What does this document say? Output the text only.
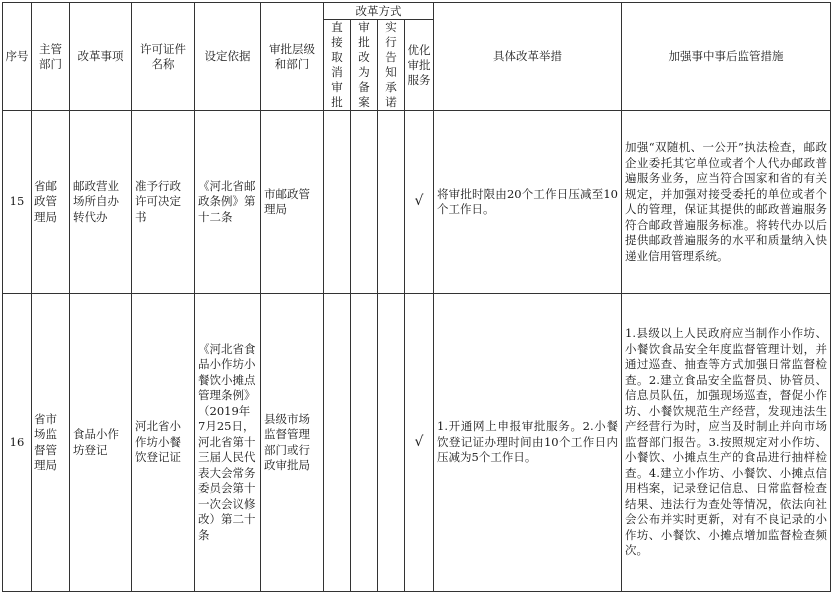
序号	主管部门	改革事项	许可证件名称	设定依据	审批层级和部门	改革方式				具体改革举措	加强事中事后监管措施
						直接取消审批	审批改为备案	实行告知承诺	优化审批服务		
15	省邮政管理局	邮政营业场所自办转代办	准予行政许可决定书	《河北省邮政条例》第十二条	市邮政管理局				√	将审批时限由20个工作日压减至10个工作日。	加强“双随机、一公开”执法检查，邮政企业委托其它单位或者个人代办邮政普遍服务业务，应当符合国家和省的有关规定，并加强对接受委托的单位或者个人的管理，保证其提供的邮政普遍服务符合邮政普遍服务标准。将转代办以后提供邮政普遍服务的水平和质量纳入快递业信用管理系统。
16	省市场监督管理局	食品小作坊登记	河北省小作坊小餐饮登记证	《河北省食品小作坊小餐饮小摊点管理条例》（2019年7月25日，河北省第十三届人民代表大会常务委员会第十一次会议修改）第二十条	县级市场监督管理部门或行政审批局				√	1.开通网上申报审批服务。2.小餐饮登记证办理时间由10个工作日内压减为5个工作日。	1.县级以上人民政府应当制作小作坊、小餐饮食品安全年度监督管理计划，并通过巡查、抽查等方式加强日常监督检查。2.建立食品安全监督员、协管员、信息员队伍，加强现场巡查，督促小作坊、小餐饮规范生产经营，发现违法生产经营行为时，应当及时制止并向市场监督部门报告。3.按照规定对小作坊、小餐饮、小摊点生产的食品进行抽样检查。4.建立小作坊、小餐饮、小摊点信用档案，记录登记信息、日常监督检查结果、违法行为查处等情况，依法向社会公布并实时更新，对有不良记录的小作坊、小餐饮、小摊点增加监督检查频次。
